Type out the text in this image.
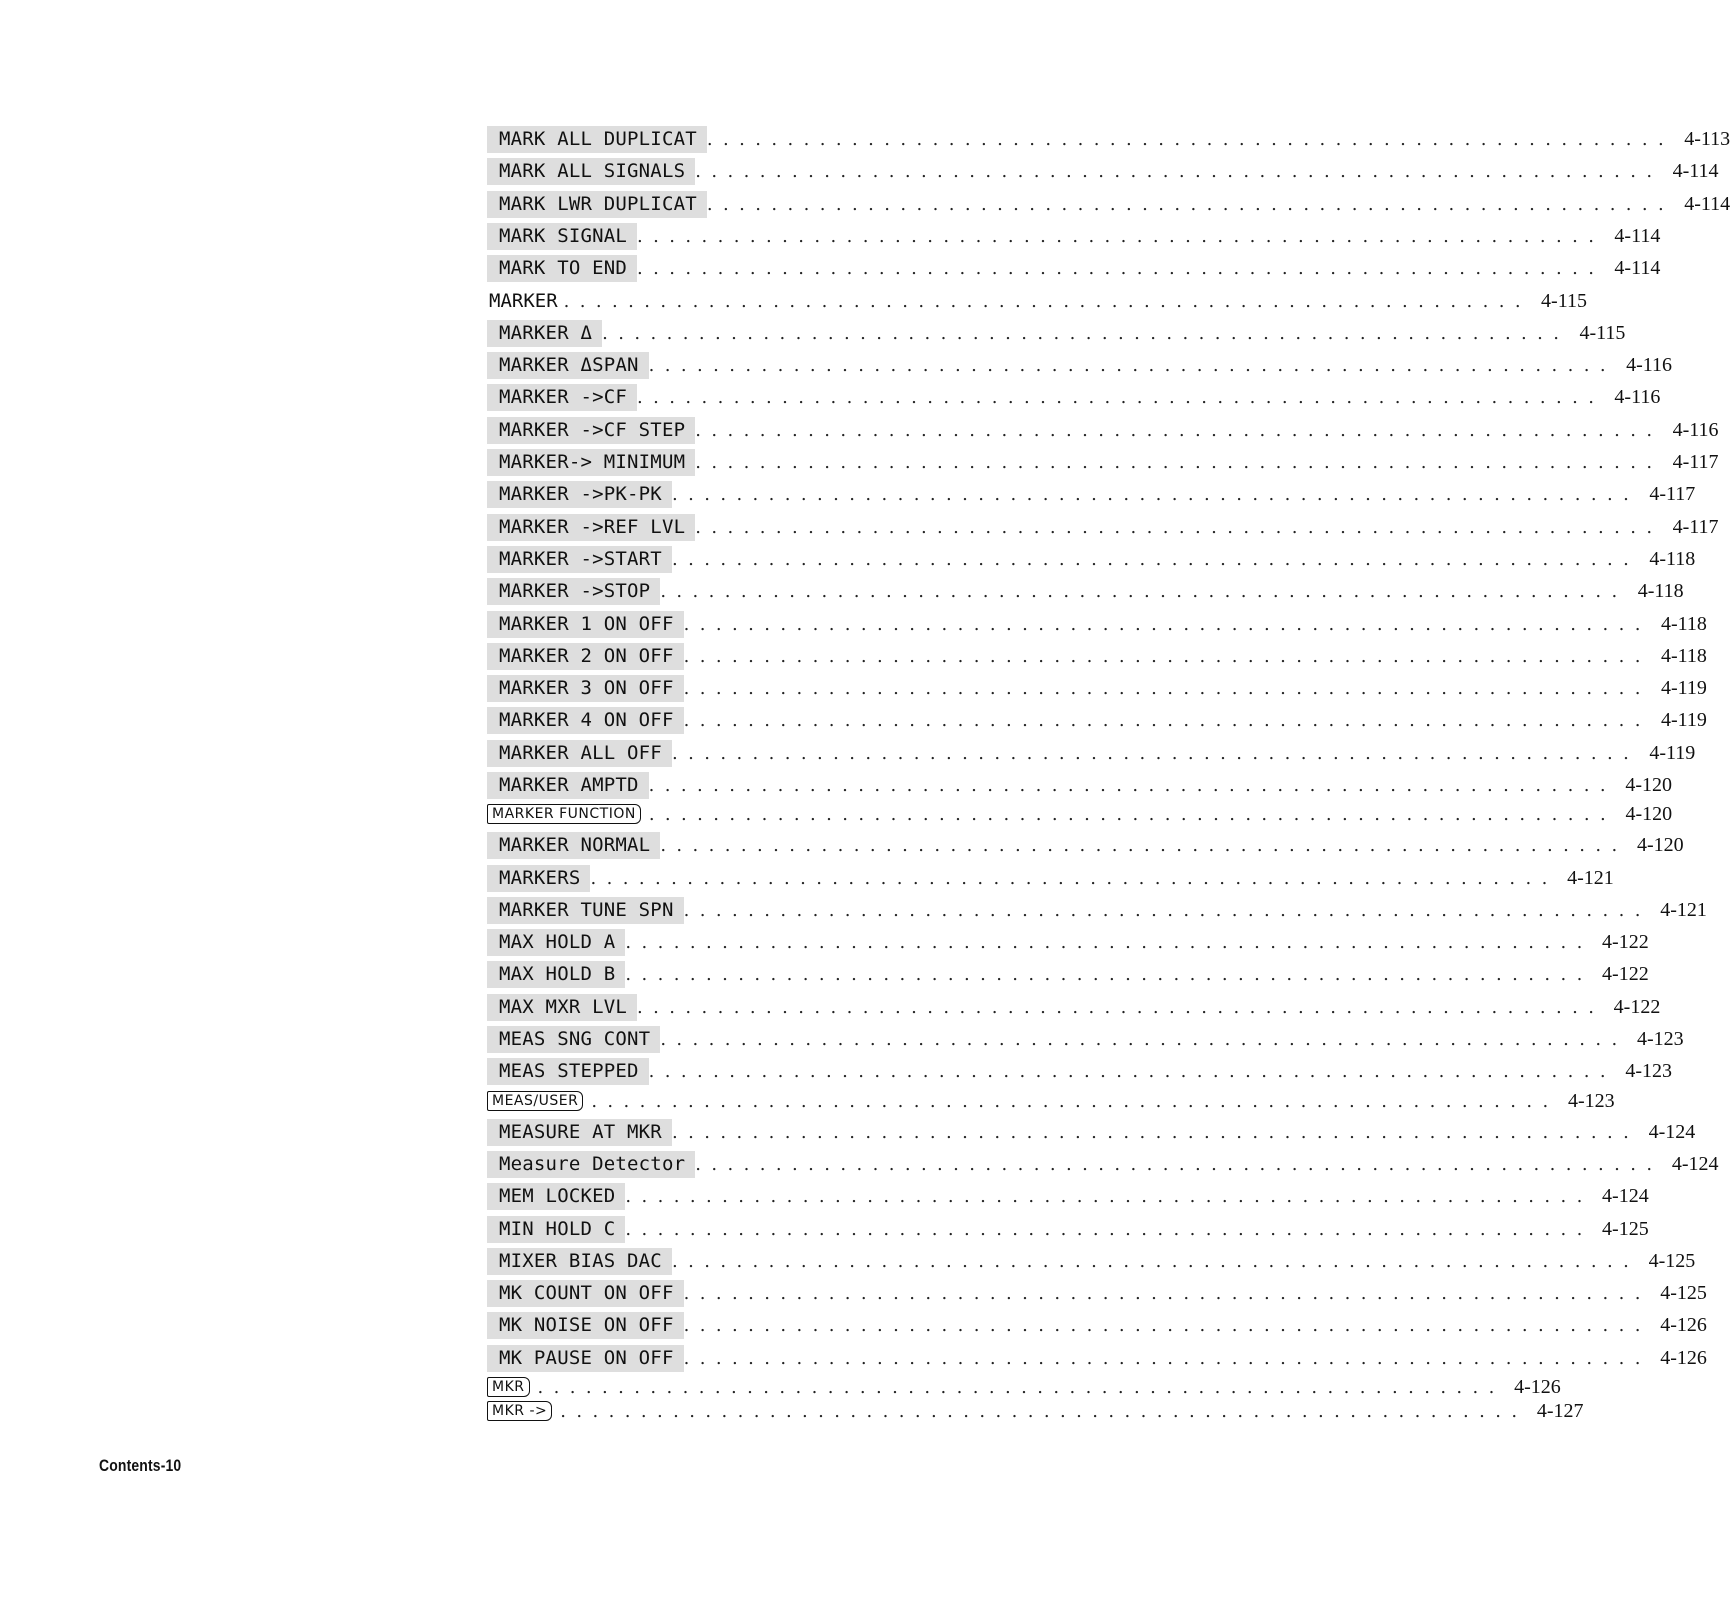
MARK ALL DUPLICAT ............................................................ 4-113
MARK ALL SIGNALS ............................................................ 4-114
MARK LWR DUPLICAT ............................................................ 4-114
MARK SIGNAL ............................................................ 4-114
MARK TO END ............................................................ 4-114
MARKER ............................................................ 4-115
MARKER Δ ............................................................ 4-115
MARKER ΔSPAN ............................................................ 4-116
MARKER ->CF ............................................................ 4-116
MARKER ->CF STEP ............................................................ 4-116
MARKER-> MINIMUM ............................................................ 4-117
MARKER ->PK-PK ............................................................ 4-117
MARKER ->REF LVL ............................................................ 4-117
MARKER ->START ............................................................ 4-118
MARKER ->STOP ............................................................ 4-118
MARKER 1 ON OFF ............................................................ 4-118
MARKER 2 ON OFF ............................................................ 4-118
MARKER 3 ON OFF ............................................................ 4-119
MARKER 4 ON OFF ............................................................ 4-119
MARKER ALL OFF ............................................................ 4-119
MARKER AMPTD ............................................................ 4-120
MARKER FUNCTION ............................................................ 4-120
MARKER NORMAL ............................................................ 4-120
MARKERS ............................................................ 4-121
MARKER TUNE SPN ............................................................ 4-121
MAX HOLD A ............................................................ 4-122
MAX HOLD B ............................................................ 4-122
MAX MXR LVL ............................................................ 4-122
MEAS SNG CONT ............................................................ 4-123
MEAS STEPPED ............................................................ 4-123
MEAS/USER ............................................................ 4-123
MEASURE AT MKR ............................................................ 4-124
Measure Detector ............................................................ 4-124
MEM LOCKED ............................................................ 4-124
MIN HOLD C ............................................................ 4-125
MIXER BIAS DAC ............................................................ 4-125
MK COUNT ON OFF ............................................................ 4-125
MK NOISE ON OFF ............................................................ 4-126
MK PAUSE ON OFF ............................................................ 4-126
MKR ............................................................ 4-126
MKR -> ............................................................ 4-127
Contents-10
